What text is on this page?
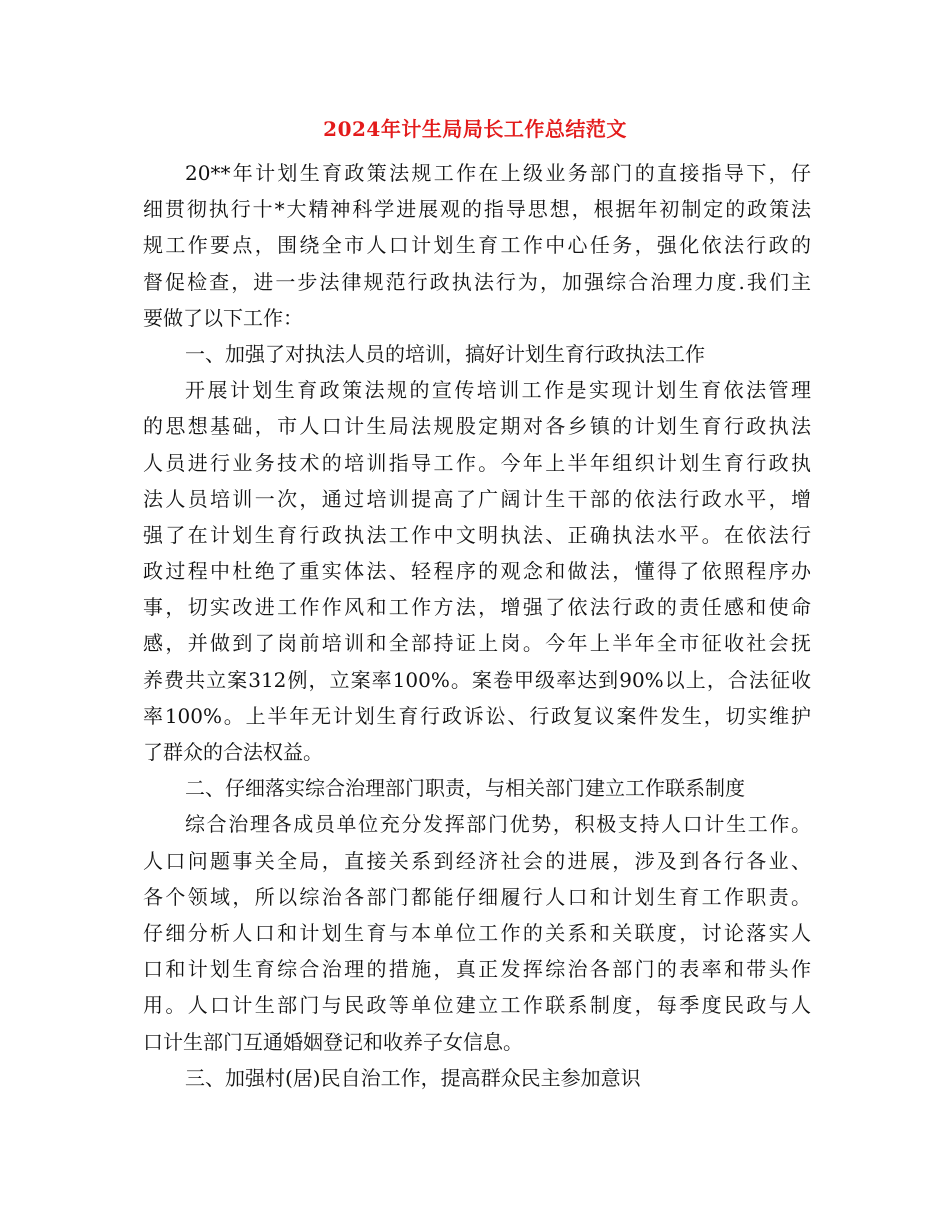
2024年计生局局长工作总结范文
20**年计划生育政策法规工作在上级业务部门的直接指导下，仔
细贯彻执行十*大精神科学进展观的指导思想，根据年初制定的政策法
规工作要点，围绕全市人口计划生育工作中心任务，强化依法行政的
督促检查，进一步法律规范行政执法行为，加强综合治理力度.我们主
要做了以下工作：
一、加强了对执法人员的培训，搞好计划生育行政执法工作
开展计划生育政策法规的宣传培训工作是实现计划生育依法管理
的思想基础，市人口计生局法规股定期对各乡镇的计划生育行政执法
人员进行业务技术的培训指导工作。今年上半年组织计划生育行政执
法人员培训一次，通过培训提高了广阔计生干部的依法行政水平，增
强了在计划生育行政执法工作中文明执法、正确执法水平。在依法行
政过程中杜绝了重实体法、轻程序的观念和做法，懂得了依照程序办
事，切实改进工作作风和工作方法，增强了依法行政的责任感和使命
感，并做到了岗前培训和全部持证上岗。今年上半年全市征收社会抚
养费共立案312例，立案率100%。案卷甲级率达到90%以上，合法征收
率100%。上半年无计划生育行政诉讼、行政复议案件发生，切实维护
了群众的合法权益。
二、仔细落实综合治理部门职责，与相关部门建立工作联系制度
综合治理各成员单位充分发挥部门优势，积极支持人口计生工作。
人口问题事关全局，直接关系到经济社会的进展，涉及到各行各业、
各个领域，所以综治各部门都能仔细履行人口和计划生育工作职责。
仔细分析人口和计划生育与本单位工作的关系和关联度，讨论落实人
口和计划生育综合治理的措施，真正发挥综治各部门的表率和带头作
用。人口计生部门与民政等单位建立工作联系制度，每季度民政与人
口计生部门互通婚姻登记和收养子女信息。
三、加强村(居)民自治工作，提高群众民主参加意识
